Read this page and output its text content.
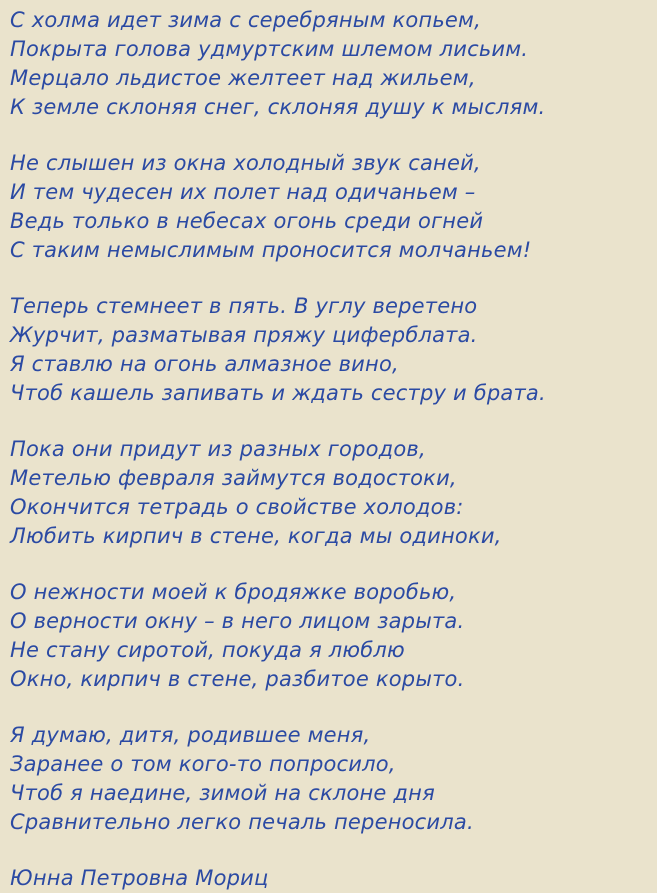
С холма идет зима с серебряным копьем,

Покрыта голова удмуртским шлемом лисьим.

Мерцало льдистое желтеет над жильем,

К земле склоняя снег, склоняя душу к мыслям.

Не слышен из окна холодный звук саней,

И тем чудесен их полет над одичаньем –

Ведь только в небесах огонь среди огней

С таким немыслимым проносится молчаньем!

Теперь стемнеет в пять. В углу веретено

Журчит, разматывая пряжу циферблата.

Я ставлю на огонь алмазное вино,

Чтоб кашель запивать и ждать сестру и брата.

Пока они придут из разных городов,

Метелью февраля займутся водостоки,

Окончится тетрадь о свойстве холодов:

Любить кирпич в стене, когда мы одиноки,

О нежности моей к бродяжке воробью,

О верности окну – в него лицом зарыта.

Не стану сиротой, покуда я люблю

Окно, кирпич в стене, разбитое корыто.

Я думаю, дитя, родившее меня,

Заранее о том кого-то попросило,

Чтоб я наедине, зимой на склоне дня

Сравнительно легко печаль переносила.

Юнна Петровна Мориц
